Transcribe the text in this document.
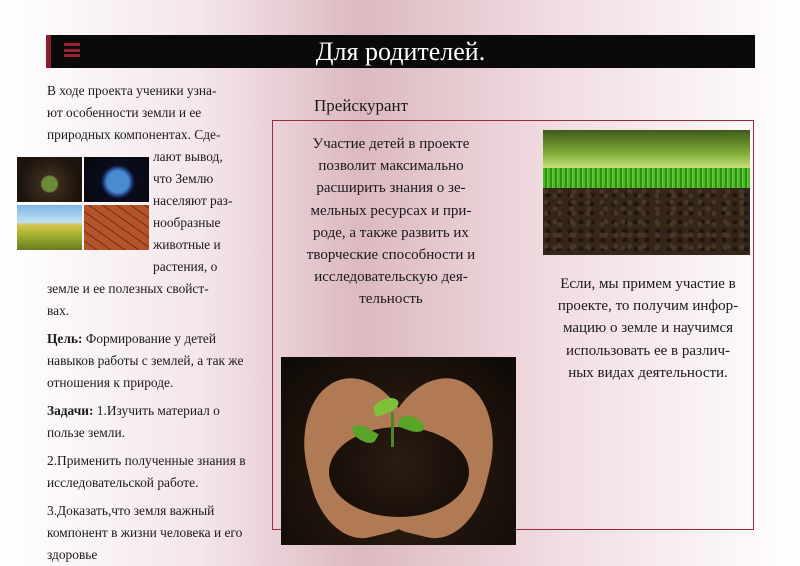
Для родителей.

В ходе проекта ученики узна-

ют особенности земли и ее

природных компонентах. Сде-

лают вывод,

что Землю

населяют раз-

нообразные

животные и

растения, о

земле и ее полезных свойст-

вах.

Цель: Формирование у детей навыков работы с землей, а так же отношения к природе.

Задачи: 1.Изучить материал о пользе земли.

2.Применить полученные знания в исследовательской работе.

3.Доказать,что земля важный компонент в жизни человека и его здоровье

Прейскурант
Участие детей в проекте
позволит максимально
расширить знания о зе-
мельных ресурсах и при-
роде, а также развить их
творческие способности и
исследовательскую дея-
тельность
Если, мы примем участие в
проекте, то получим инфор-
мацию о земле и научимся
использовать ее в различ-
ных видах деятельности.
